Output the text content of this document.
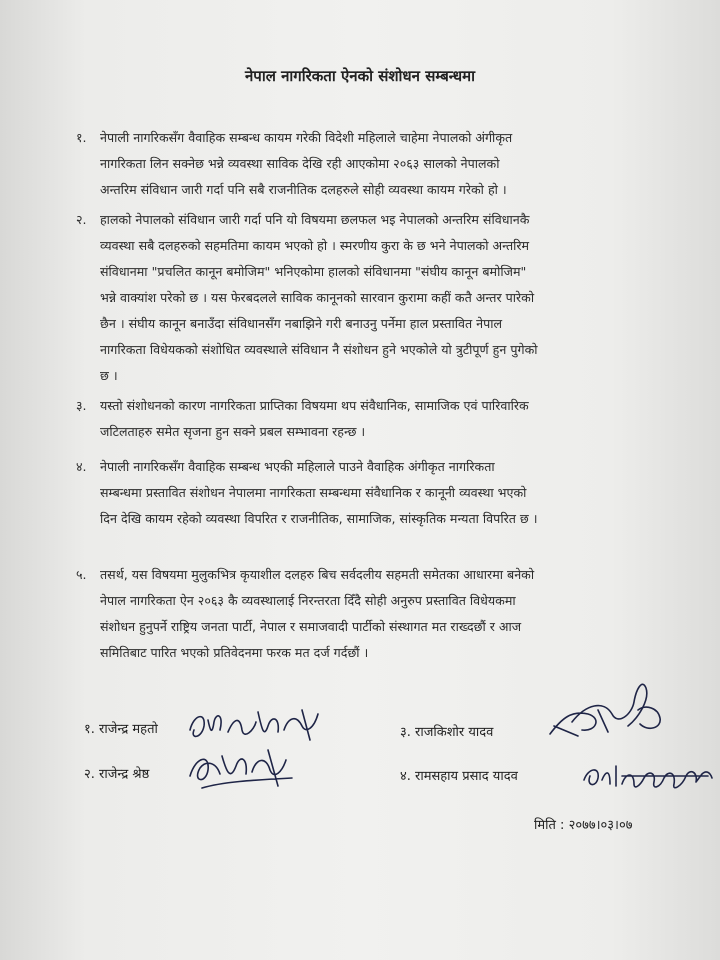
नेपाल नागरिकता ऐनको संशोधन सम्बन्धमा
१. नेपाली नागरिकसँग वैवाहिक सम्बन्ध कायम गरेकी विदेशी महिलाले चाहेमा नेपालको अंगीकृत
नागरिकता लिन सक्नेछ भन्ने व्यवस्था साविक देखि रही आएकोमा २०६३ सालको नेपालको
अन्तरिम संविधान जारी गर्दा पनि सबै राजनीतिक दलहरुले सोही व्यवस्था कायम गरेको हो ।
२. हालको नेपालको संविधान जारी गर्दा पनि यो विषयमा छलफल भइ नेपालको अन्तरिम संविधानकै
व्यवस्था सबै दलहरुको सहमतिमा कायम भएको हो । स्मरणीय कुरा के छ भने नेपालको अन्तरिम
संविधानमा "प्रचलित कानून बमोजिम" भनिएकोमा हालको संविधानमा "संघीय कानून बमोजिम"
भन्ने वाक्यांश परेको छ । यस फेरबदलले साविक कानूनको सारवान कुरामा कहीं कतै अन्तर पारेको
छैन । संघीय कानून बनाउँदा संविधानसँग नबाझिने गरी बनाउनु पर्नेमा हाल प्रस्तावित नेपाल
नागरिकता विधेयकको संशोधित व्यवस्थाले संविधान नै संशोधन हुने भएकोले यो त्रुटीपूर्ण हुन पुगेको
छ ।
३. यस्तो संशोधनको कारण नागरिकता प्राप्तिका विषयमा थप संवैधानिक, सामाजिक एवं पारिवारिक
जटिलताहरु समेत सृजना हुन सक्ने प्रबल सम्भावना रहन्छ ।
४. नेपाली नागरिकसँग वैवाहिक सम्बन्ध भएकी महिलाले पाउने वैवाहिक अंगीकृत नागरिकता
सम्बन्धमा प्रस्तावित संशोधन नेपालमा नागरिकता सम्बन्धमा संवैधानिक र कानूनी व्यवस्था भएको
दिन देखि कायम रहेको व्यवस्था विपरित र राजनीतिक, सामाजिक, सांस्कृतिक मन्यता विपरित छ ।
५. तसर्थ, यस विषयमा मुलुकभित्र कृयाशील दलहरु बिच सर्वदलीय सहमती समेतका आधारमा बनेको
नेपाल नागरिकता ऐन २०६३ कै व्यवस्थालाई निरन्तरता दिँदै सोही अनुरुप प्रस्तावित विधेयकमा
संशोधन हुनुपर्ने राष्ट्रिय जनता पार्टी, नेपाल र समाजवादी पार्टीको संस्थागत मत राख्दछौं र आज
समितिबाट पारित भएको प्रतिवेदनमा फरक मत दर्ज गर्दछौं ।
१. राजेन्द्र महतो
२. राजेन्द्र श्रेष्ठ
३. राजकिशोर यादव
४. रामसहाय प्रसाद यादव
मिति : २०७७।०३।०७
